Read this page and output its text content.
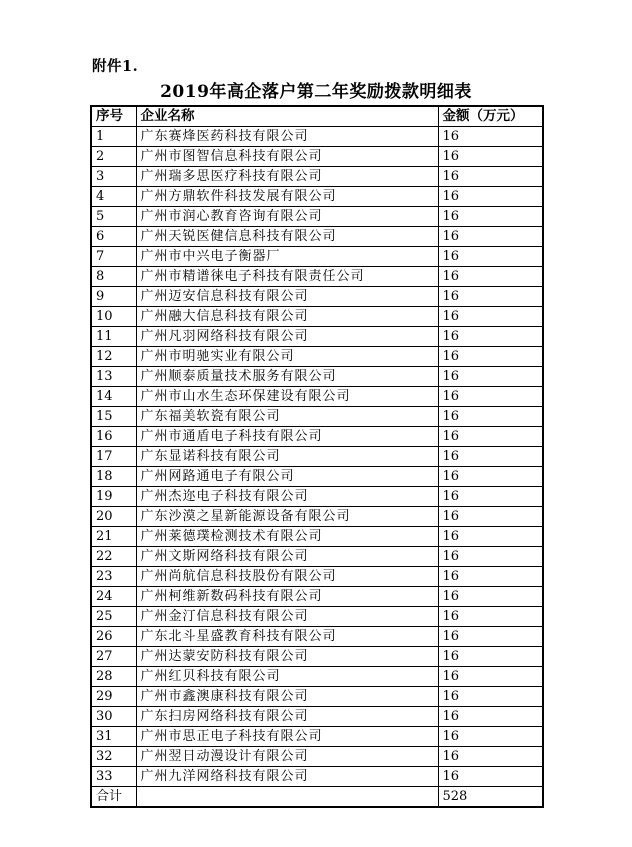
附件1.
2019年高企落户第二年奖励拨款明细表
序号	企业名称	金额（万元）
1	广东赛烽医药科技有限公司	16
2	广州市图智信息科技有限公司	16
3	广州瑞多思医疗科技有限公司	16
4	广州方鼎软件科技发展有限公司	16
5	广州市润心教育咨询有限公司	16
6	广州天锐医健信息科技有限公司	16
7	广州市中兴电子衡器厂	16
8	广州市精谱徕电子科技有限责任公司	16
9	广州迈安信息科技有限公司	16
10	广州融大信息科技有限公司	16
11	广州凡羽网络科技有限公司	16
12	广州市明驰实业有限公司	16
13	广州顺泰质量技术服务有限公司	16
14	广州市山水生态环保建设有限公司	16
15	广东福美软瓷有限公司	16
16	广州市通盾电子科技有限公司	16
17	广东显诺科技有限公司	16
18	广州网路通电子有限公司	16
19	广州杰迩电子科技有限公司	16
20	广东沙漠之星新能源设备有限公司	16
21	广州莱德璞检测技术有限公司	16
22	广州文斯网络科技有限公司	16
23	广州尚航信息科技股份有限公司	16
24	广州柯维新数码科技有限公司	16
25	广州金汀信息科技有限公司	16
26	广东北斗星盛教育科技有限公司	16
27	广州达蒙安防科技有限公司	16
28	广州红贝科技有限公司	16
29	广州市鑫澳康科技有限公司	16
30	广东扫房网络科技有限公司	16
31	广州市思正电子科技有限公司	16
32	广州翌日动漫设计有限公司	16
33	广州九洋网络科技有限公司	16
合计		528
